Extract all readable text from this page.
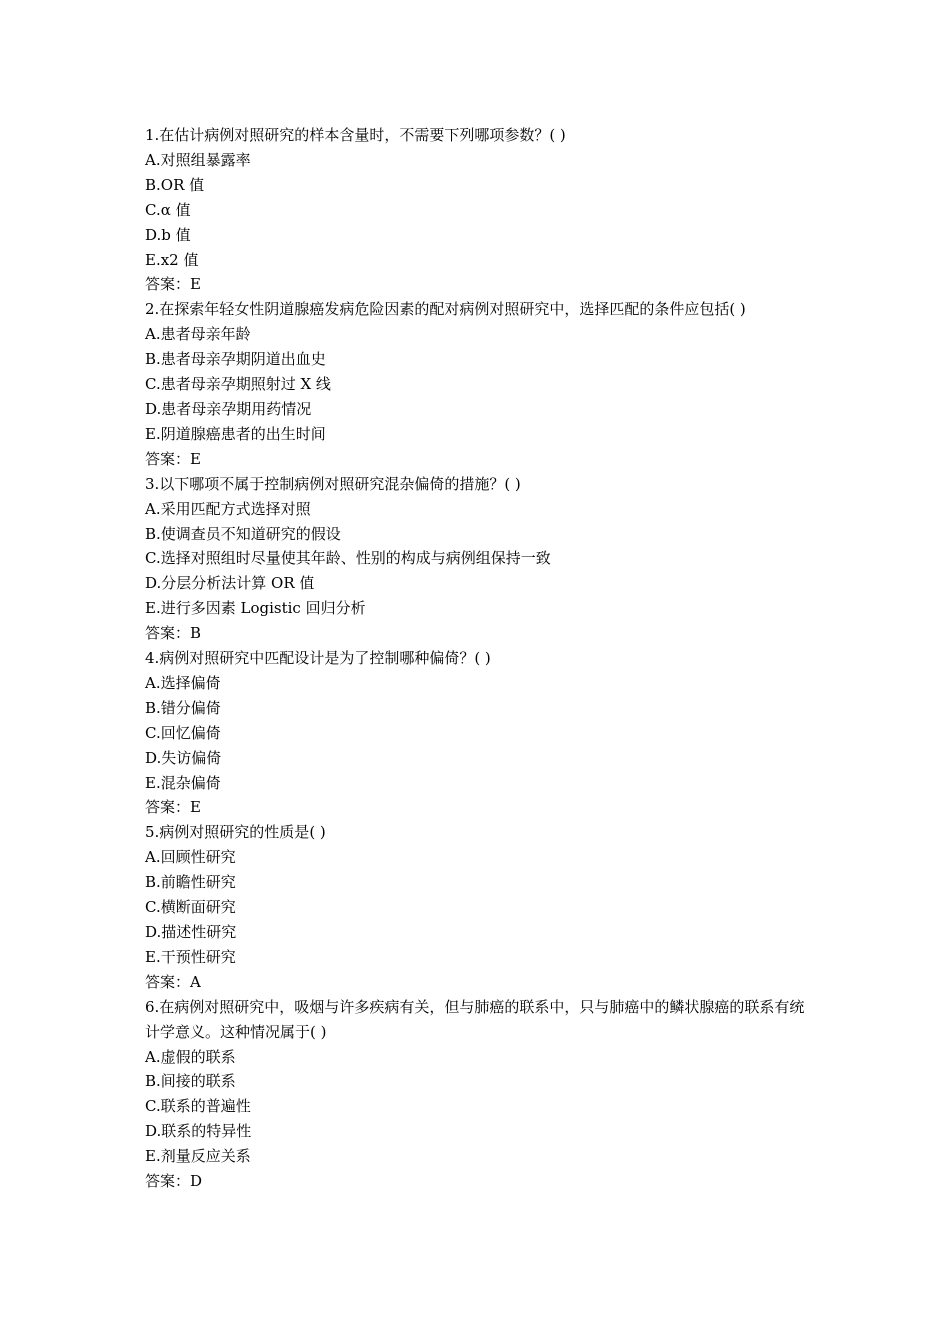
1.在估计病例对照研究的样本含量时，不需要下列哪项参数？( )
A.对照组暴露率
B.OR 值
C.α 值
D.b 值
E.x2 值
答案：E
2.在探索年轻女性阴道腺癌发病危险因素的配对病例对照研究中，选择匹配的条件应包括( )
A.患者母亲年龄
B.患者母亲孕期阴道出血史
C.患者母亲孕期照射过 X 线
D.患者母亲孕期用药情况
E.阴道腺癌患者的出生时间
答案：E
3.以下哪项不属于控制病例对照研究混杂偏倚的措施？( )
A.采用匹配方式选择对照
B.使调查员不知道研究的假设
C.选择对照组时尽量使其年龄、性别的构成与病例组保持一致
D.分层分析法计算 OR 值
E.进行多因素 Logistic 回归分析
答案：B
4.病例对照研究中匹配设计是为了控制哪种偏倚？( )
A.选择偏倚
B.错分偏倚
C.回忆偏倚
D.失访偏倚
E.混杂偏倚
答案：E
5.病例对照研究的性质是( )
A.回顾性研究
B.前瞻性研究
C.横断面研究
D.描述性研究
E.干预性研究
答案：A
6.在病例对照研究中，吸烟与许多疾病有关，但与肺癌的联系中，只与肺癌中的鳞状腺癌的联系有统计学意义。这种情况属于( )
A.虚假的联系
B.间接的联系
C.联系的普遍性
D.联系的特异性
E.剂量反应关系
答案：D
